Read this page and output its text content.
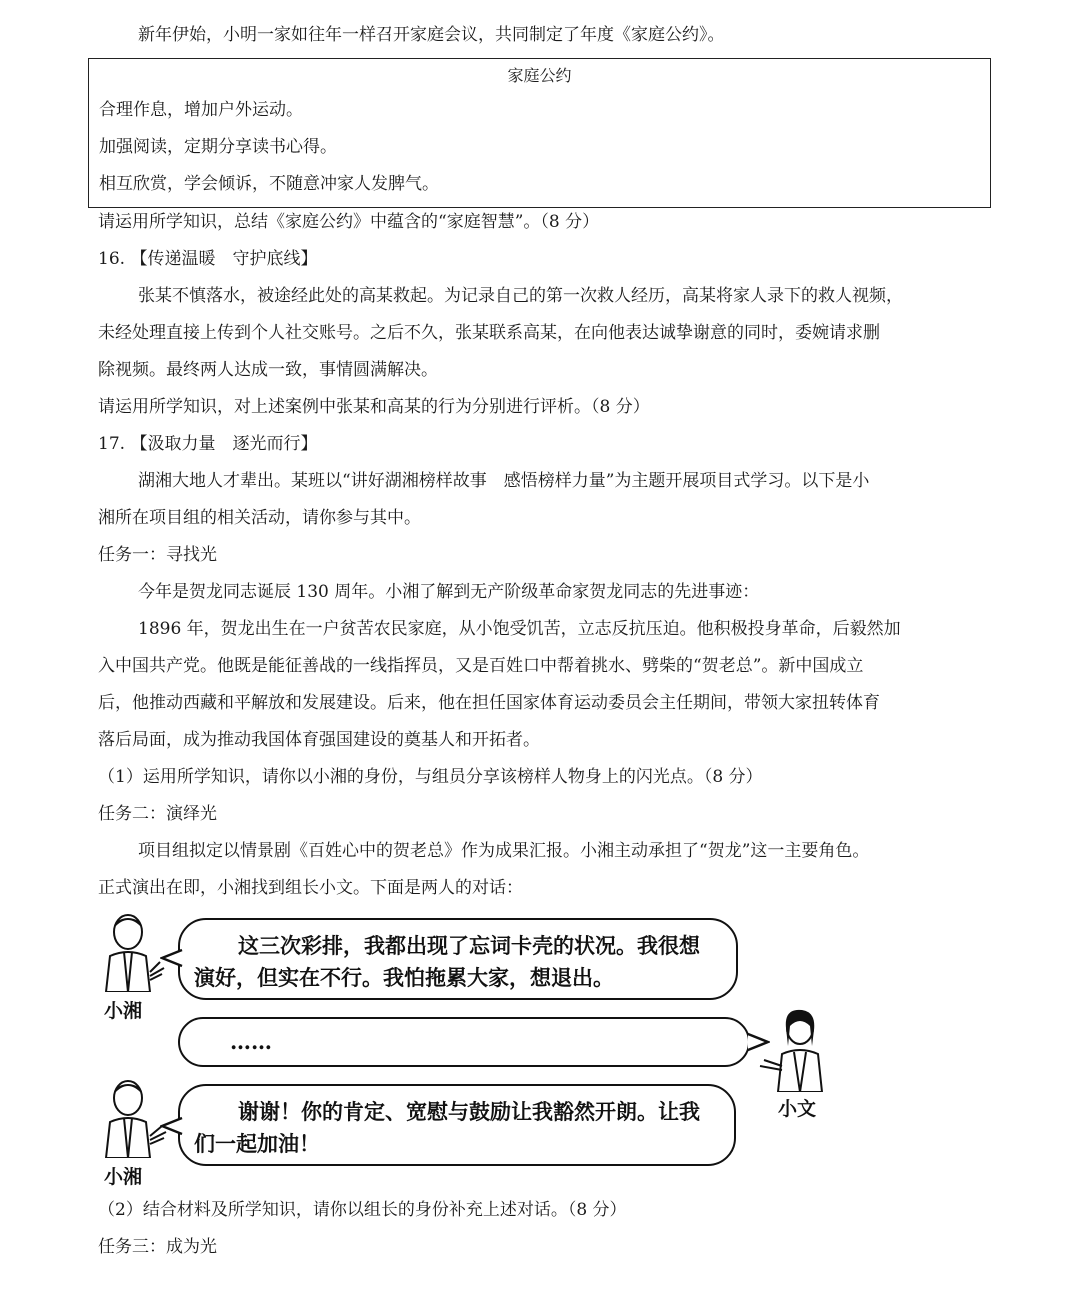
新年伊始，小明一家如往年一样召开家庭会议，共同制定了年度《家庭公约》。
家庭公约
合理作息，增加户外运动。
加强阅读，定期分享读书心得。
相互欣赏，学会倾诉，不随意冲家人发脾气。
请运用所学知识，总结《家庭公约》中蕴含的“家庭智慧”。（8 分）
16. 【传递温暖　守护底线】
张某不慎落水，被途经此处的高某救起。为记录自己的第一次救人经历，高某将家人录下的救人视频，
未经处理直接上传到个人社交账号。之后不久，张某联系高某，在向他表达诚挚谢意的同时，委婉请求删
除视频。最终两人达成一致，事情圆满解决。
请运用所学知识，对上述案例中张某和高某的行为分别进行评析。（8 分）
17. 【汲取力量　逐光而行】
湖湘大地人才辈出。某班以“讲好湖湘榜样故事　感悟榜样力量”为主题开展项目式学习。以下是小
湘所在项目组的相关活动，请你参与其中。
任务一：寻找光
今年是贺龙同志诞辰 130 周年。小湘了解到无产阶级革命家贺龙同志的先进事迹：
1896 年，贺龙出生在一户贫苦农民家庭，从小饱受饥苦，立志反抗压迫。他积极投身革命，后毅然加
入中国共产党。他既是能征善战的一线指挥员，又是百姓口中帮着挑水、劈柴的“贺老总”。新中国成立
后，他推动西藏和平解放和发展建设。后来，他在担任国家体育运动委员会主任期间，带领大家扭转体育
落后局面，成为推动我国体育强国建设的奠基人和开拓者。
（1）运用所学知识，请你以小湘的身份，与组员分享该榜样人物身上的闪光点。（8 分）
任务二：演绎光
项目组拟定以情景剧《百姓心中的贺老总》作为成果汇报。小湘主动承担了“贺龙”这一主要角色。
正式演出在即，小湘找到组长小文。下面是两人的对话：
小湘
这三次彩排，我都出现了忘词卡壳的状况。我很想
演好，但实在不行。我怕拖累大家，想退出。
……
小文
小湘
谢谢！你的肯定、宽慰与鼓励让我豁然开朗。让我
们一起加油！
（2）结合材料及所学知识，请你以组长的身份补充上述对话。（8 分）
任务三：成为光
